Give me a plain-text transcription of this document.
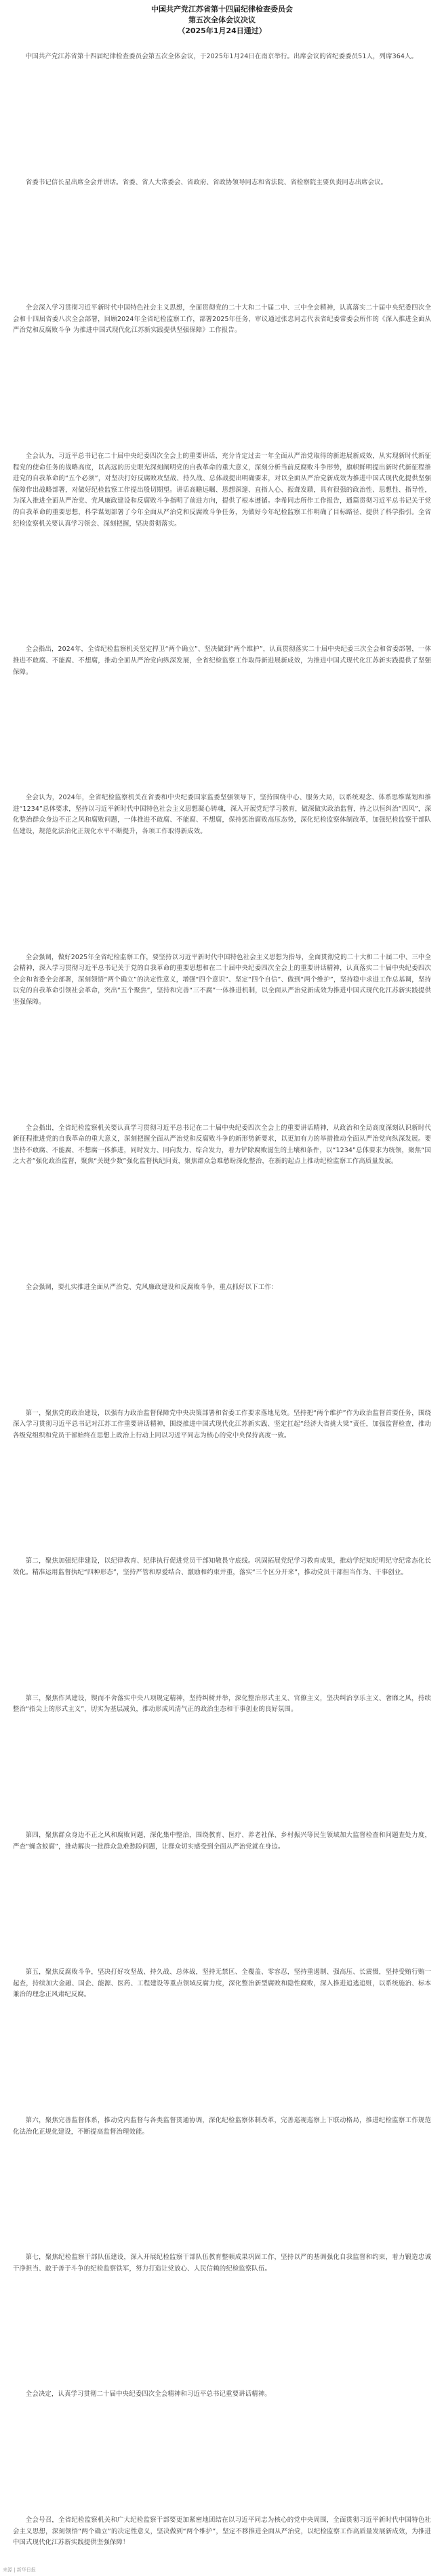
中国共产党江苏省第十四届纪律检查委员会
第五次全体会议决议
（2025年1月24日通过）

中国共产党江苏省第十四届纪律检查委员会第五次全体会议，于2025年1月24日在南京举行。出席会议的省纪委委员51人，列席364人。

省委书记信长星出席全会并讲话。省委、省人大常委会、省政府、省政协领导同志和省法院、省检察院主要负责同志出席会议。

全会深入学习贯彻习近平新时代中国特色社会主义思想，全面贯彻党的二十大和二十届二中、三中全会精神，认真落实二十届中央纪委四次全会和十四届省委八次全会部署，回顾2024年全省纪检监察工作，部署2025年任务，审议通过张忠同志代表省纪委常委会所作的《深入推进全面从严治党和反腐败斗争 为推进中国式现代化江苏新实践提供坚强保障》工作报告。

全会认为，习近平总书记在二十届中央纪委四次全会上的重要讲话，充分肯定过去一年全面从严治党取得的新进展新成效，从实现新时代新征程党的使命任务的战略高度，以高远的历史眼光深刻阐明党的自我革命的重大意义，深刻分析当前反腐败斗争形势，旗帜鲜明提出新时代新征程推进党的自我革命的“五个必须”，对坚决打好反腐败攻坚战、持久战、总体战提出明确要求，对以全面从严治党新成效为推进中国式现代化提供坚强保障作出战略部署，对做好纪检监察工作提出殷切期望。讲话高瞻远瞩、思想深邃、直指人心、振聋发聩，具有很强的政治性、思想性、指导性，为深入推进全面从严治党、党风廉政建设和反腐败斗争指明了前进方向，提供了根本遵循。李希同志所作工作报告，通篇贯彻习近平总书记关于党的自我革命的重要思想，科学谋划部署了今年全面从严治党和反腐败斗争任务，为做好今年纪检监察工作明确了目标路径、提供了科学指引。全省纪检监察机关要认真学习领会、深刻把握，坚决贯彻落实。

全会指出，2024年，全省纪检监察机关坚定捍卫“两个确立”、坚决做到“两个维护”，认真贯彻落实二十届中央纪委三次全会和省委部署，一体推进不敢腐、不能腐、不想腐，推动全面从严治党向纵深发展，全省纪检监察工作取得新进展新成效，为推进中国式现代化江苏新实践提供了坚强保障。

全会认为，2024年，全省纪检监察机关在省委和中央纪委国家监委坚强领导下，坚持围绕中心、服务大局，以系统观念、体系思维谋划和推进“1234”总体要求，坚持以习近平新时代中国特色社会主义思想凝心铸魂，深入开展党纪学习教育，做深做实政治监督，持之以恒纠治“四风”，深化整治群众身边不正之风和腐败问题，一体推进不敢腐、不能腐、不想腐，保持惩治腐败高压态势，深化纪检监察体制改革，加强纪检监察干部队伍建设，规范化法治化正规化水平不断提升，各项工作取得新成效。

全会强调，做好2025年全省纪检监察工作，要坚持以习近平新时代中国特色社会主义思想为指导，全面贯彻党的二十大和二十届二中、三中全会精神，深入学习贯彻习近平总书记关于党的自我革命的重要思想和在二十届中央纪委四次全会上的重要讲话精神，认真落实二十届中央纪委四次全会和省委全会部署，深刻领悟“两个确立”的决定性意义，增强“四个意识”、坚定“四个自信”、做到“两个维护”，坚持稳中求进工作总基调，坚持以党的自我革命引领社会革命，突出“五个聚焦”，坚持和完善“三不腐”一体推进机制，以全面从严治党新成效为推进中国式现代化江苏新实践提供坚强保障。

全会指出，全省纪检监察机关要认真学习贯彻习近平总书记在二十届中央纪委四次全会上的重要讲话精神，从政治和全局高度深刻认识新时代新征程推进党的自我革命的重大意义，深刻把握全面从严治党和反腐败斗争的新形势新要求，以更加有力的举措推动全面从严治党向纵深发展。要坚持不敢腐、不能腐、不想腐一体推进，同时发力、同向发力、综合发力，着力铲除腐败滋生的土壤和条件，以“1234”总体要求为统领，聚焦“国之大者”强化政治监督，聚焦“关键少数”强化监督执纪问责，聚焦群众急难愁盼深化整治，在新的起点上推动纪检监察工作高质量发展。

全会强调，要扎实推进全面从严治党、党风廉政建设和反腐败斗争，重点抓好以下工作：

第一，聚焦党的政治建设，以强有力政治监督保障党中央决策部署和省委工作要求落地见效。坚持把“两个维护”作为政治监督首要任务，围绕深入学习贯彻习近平总书记对江苏工作重要讲话精神，围绕推进中国式现代化江苏新实践、坚定扛起“经济大省挑大梁”责任，加强监督检查，推动各级党组织和党员干部始终在思想上政治上行动上同以习近平同志为核心的党中央保持高度一致。

第二，聚焦加强纪律建设，以纪律教育、纪律执行促进党员干部知敬畏守底线。巩固拓展党纪学习教育成果，推动学纪知纪明纪守纪常态化长效化。精准运用监督执纪“四种形态”，坚持严管和厚爱结合、激励和约束并重，落实“三个区分开来”，推动党员干部担当作为、干事创业。

第三，聚焦作风建设，锲而不舍落实中央八项规定精神，坚持纠树并举，深化整治形式主义、官僚主义，坚决纠治享乐主义、奢靡之风，持续整治“指尖上的形式主义”，切实为基层减负，推动形成风清气正的政治生态和干事创业的良好氛围。

第四，聚焦群众身边不正之风和腐败问题，深化集中整治，围绕教育、医疗、养老社保、乡村振兴等民生领域加大监督检查和问题查处力度，严查“蝇贪蚁腐”，推动解决一批群众急难愁盼问题，让群众切实感受到全面从严治党就在身边。

第五，聚焦反腐败斗争，坚决打好攻坚战、持久战、总体战，坚持无禁区、全覆盖、零容忍，坚持重遏制、强高压、长震慑，坚持受贿行贿一起查，持续加大金融、国企、能源、医药、工程建设等重点领域反腐力度，深化整治新型腐败和隐性腐败，深入推进追逃追赃，以系统施治、标本兼治的理念正风肃纪反腐。

第六，聚焦完善监督体系，推动党内监督与各类监督贯通协调，深化纪检监察体制改革，完善巡视巡察上下联动格局，推进纪检监察工作规范化法治化正规化建设，不断提高监督治理效能。

第七，聚焦纪检监察干部队伍建设，深入开展纪检监察干部队伍教育整顿成果巩固工作，坚持以严的基调强化自我监督和约束，着力锻造忠诚干净担当、敢于善于斗争的纪检监察铁军，努力打造让党放心、人民信赖的纪检监察队伍。

全会决定，认真学习贯彻二十届中央纪委四次全会精神和习近平总书记重要讲话精神。

全会号召，全省纪检监察机关和广大纪检监察干部要更加紧密地团结在以习近平同志为核心的党中央周围，全面贯彻习近平新时代中国特色社会主义思想，深刻领悟“两个确立”的决定性意义，坚决做到“两个维护”，坚定不移推进全面从严治党，以纪检监察工作高质量发展新成效，为推进中国式现代化江苏新实践提供坚强保障！

来源 | 新华日报
